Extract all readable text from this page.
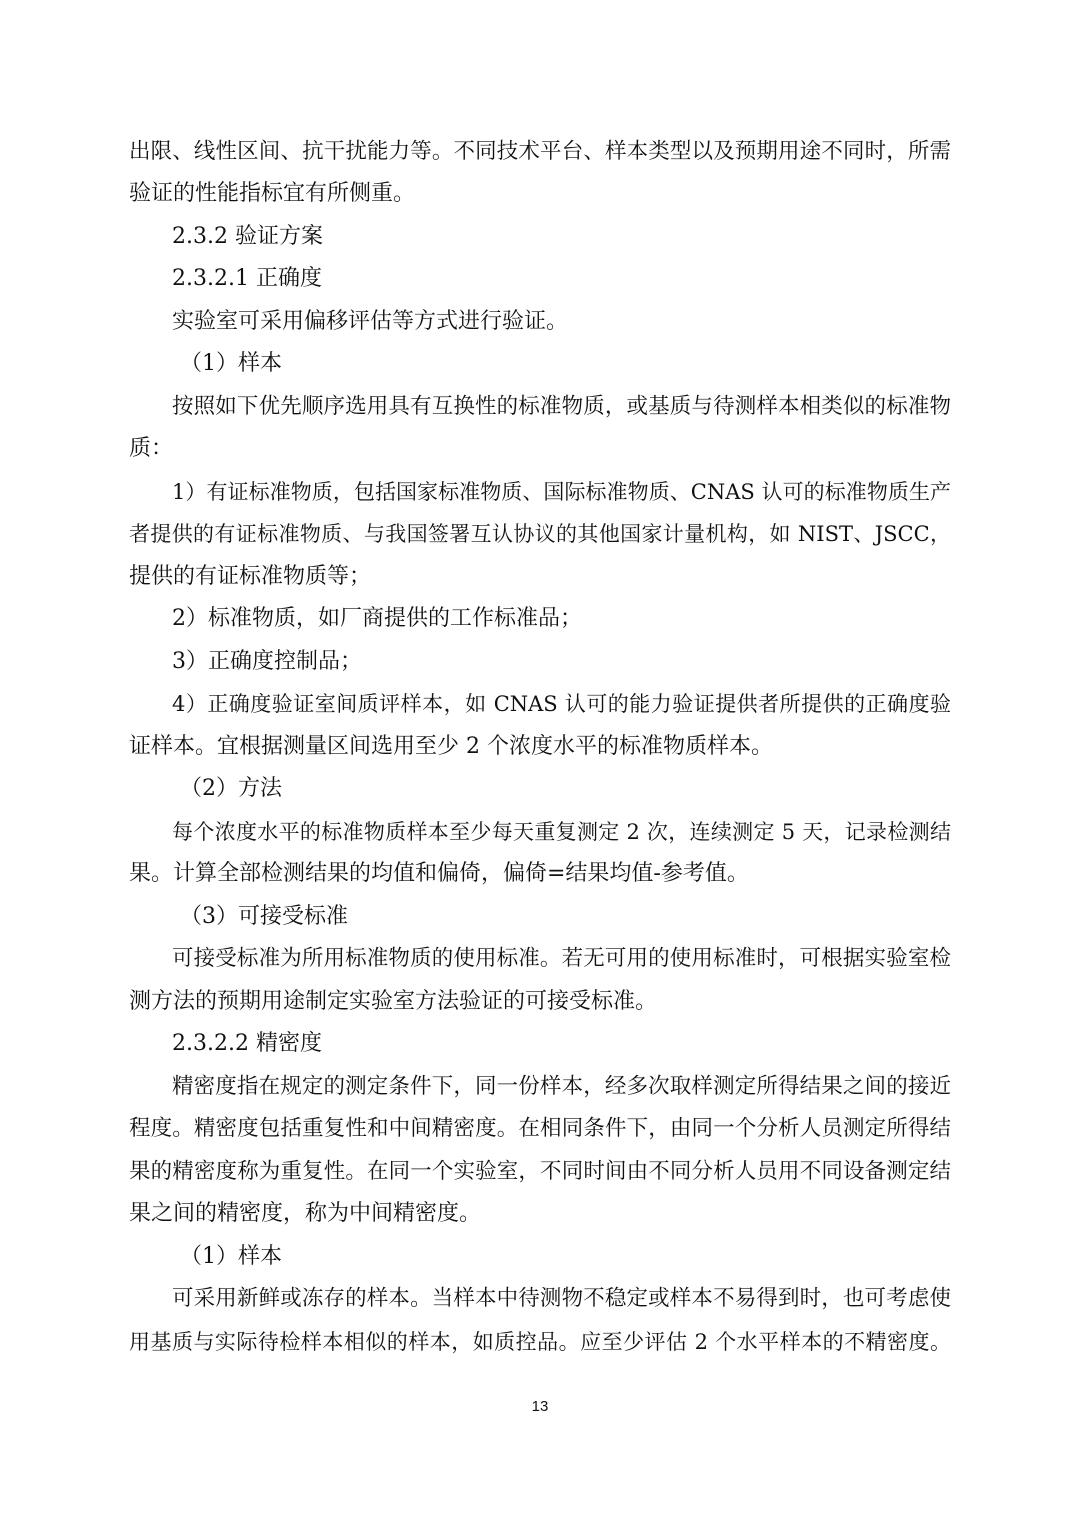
出限、线性区间、抗干扰能力等。不同技术平台、样本类型以及预期用途不同时，所需

验证的性能指标宜有所侧重。

2.3.2 验证方案

2.3.2.1 正确度

实验室可采用偏移评估等方式进行验证。

（1）样本

按照如下优先顺序选用具有互换性的标准物质，或基质与待测样本相类似的标准物

质：

1）有证标准物质，包括国家标准物质、国际标准物质、CNAS 认可的标准物质生产

者提供的有证标准物质、与我国签署互认协议的其他国家计量机构，如 NIST、JSCC，

提供的有证标准物质等；

2）标准物质，如厂商提供的工作标准品；

3）正确度控制品；

4）正确度验证室间质评样本，如 CNAS 认可的能力验证提供者所提供的正确度验

证样本。宜根据测量区间选用至少 2 个浓度水平的标准物质样本。

（2）方法

每个浓度水平的标准物质样本至少每天重复测定 2 次，连续测定 5 天，记录检测结

果。计算全部检测结果的均值和偏倚，偏倚=结果均值-参考值。

（3）可接受标准

可接受标准为所用标准物质的使用标准。若无可用的使用标准时，可根据实验室检

测方法的预期用途制定实验室方法验证的可接受标准。

2.3.2.2 精密度

精密度指在规定的测定条件下，同一份样本，经多次取样测定所得结果之间的接近

程度。精密度包括重复性和中间精密度。在相同条件下，由同一个分析人员测定所得结

果的精密度称为重复性。在同一个实验室，不同时间由不同分析人员用不同设备测定结

果之间的精密度，称为中间精密度。

（1）样本

可采用新鲜或冻存的样本。当样本中待测物不稳定或样本不易得到时，也可考虑使

用基质与实际待检样本相似的样本，如质控品。应至少评估 2 个水平样本的不精密度。

13
